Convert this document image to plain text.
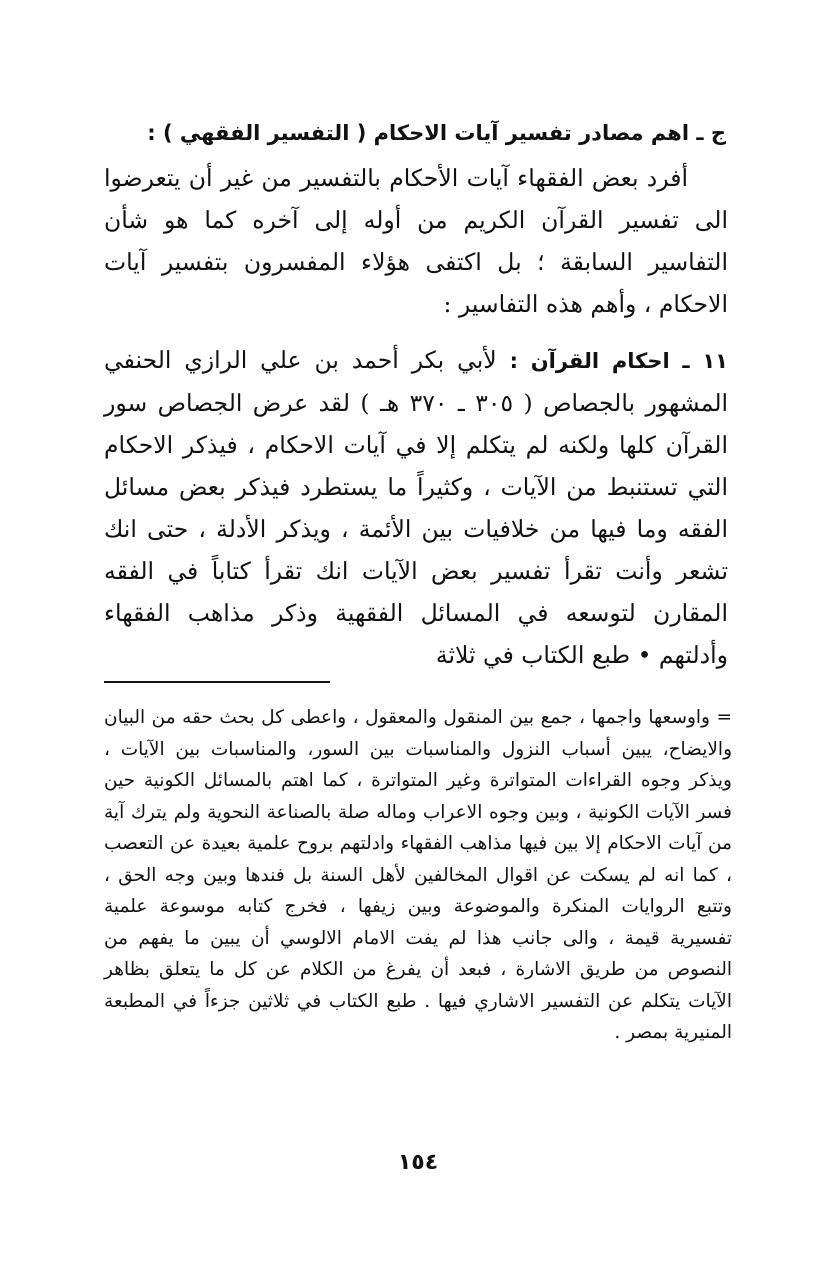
ج ـ اهم مصادر تفسير آيات الاحكام ( التفسير الفقهي ) :

أفرد بعض الفقهاء آيات الأحكام بالتفسير من غير أن يتعرضوا الى تفسير القرآن الكريم من أوله إلى آخره كما هو شأن التفاسير السابقة ؛ بل اكتفى هؤلاء المفسرون بتفسير آيات الاحكام ، وأهم هذه التفاسير :

١١ ـ احكام القرآن : لأبي بكر أحمد بن علي الرازي الحنفي المشهور بالجصاص ( ٣٠٥ ـ ٣٧٠ هـ ) لقد عرض الجصاص سور القرآن كلها ولكنه لم يتكلم إلا في آيات الاحكام ، فيذكر الاحكام التي تستنبط من الآيات ، وكثيراً ما يستطرد فيذكر بعض مسائل الفقه وما فيها من خلافيات بين الأئمة ، ويذكر الأدلة ، حتى انك تشعر وأنت تقرأ تفسير بعض الآيات انك تقرأ كتاباً في الفقه المقارن لتوسعه في المسائل الفقهية وذكر مذاهب الفقهاء وأدلتهم • طبع الكتاب في ثلاثة

= واوسعها واجمها ، جمع بين المنقول والمعقول ، واعطى كل بحث حقه من البيان والايضاح، يبين أسباب النزول والمناسبات بين السور، والمناسبات بين الآيات ، ويذكر وجوه القراءات المتواترة وغير المتواترة ، كما اهتم بالمسائل الكونية حين فسر الآيات الكونية ، وبين وجوه الاعراب وماله صلة بالصناعة النحوية ولم يترك آية من آيات الاحكام إلا بين فيها مذاهب الفقهاء وادلتهم بروح علمية بعيدة عن التعصب ، كما انه لم يسكت عن اقوال المخالفين لأهل السنة بل فندها وبين وجه الحق ، وتتبع الروايات المنكرة والموضوعة وبين زيفها ، فخرج كتابه موسوعة علمية تفسيرية قيمة ، والى جانب هذا لم يفت الامام الالوسي أن يبين ما يفهم من النصوص من طريق الاشارة ، فبعد أن يفرغ من الكلام عن كل ما يتعلق بظاهر الآيات يتكلم عن التفسير الاشاري فيها . طبع الكتاب في ثلاثين جزءاً في المطبعة المنيرية بمصر .
١٥٤
